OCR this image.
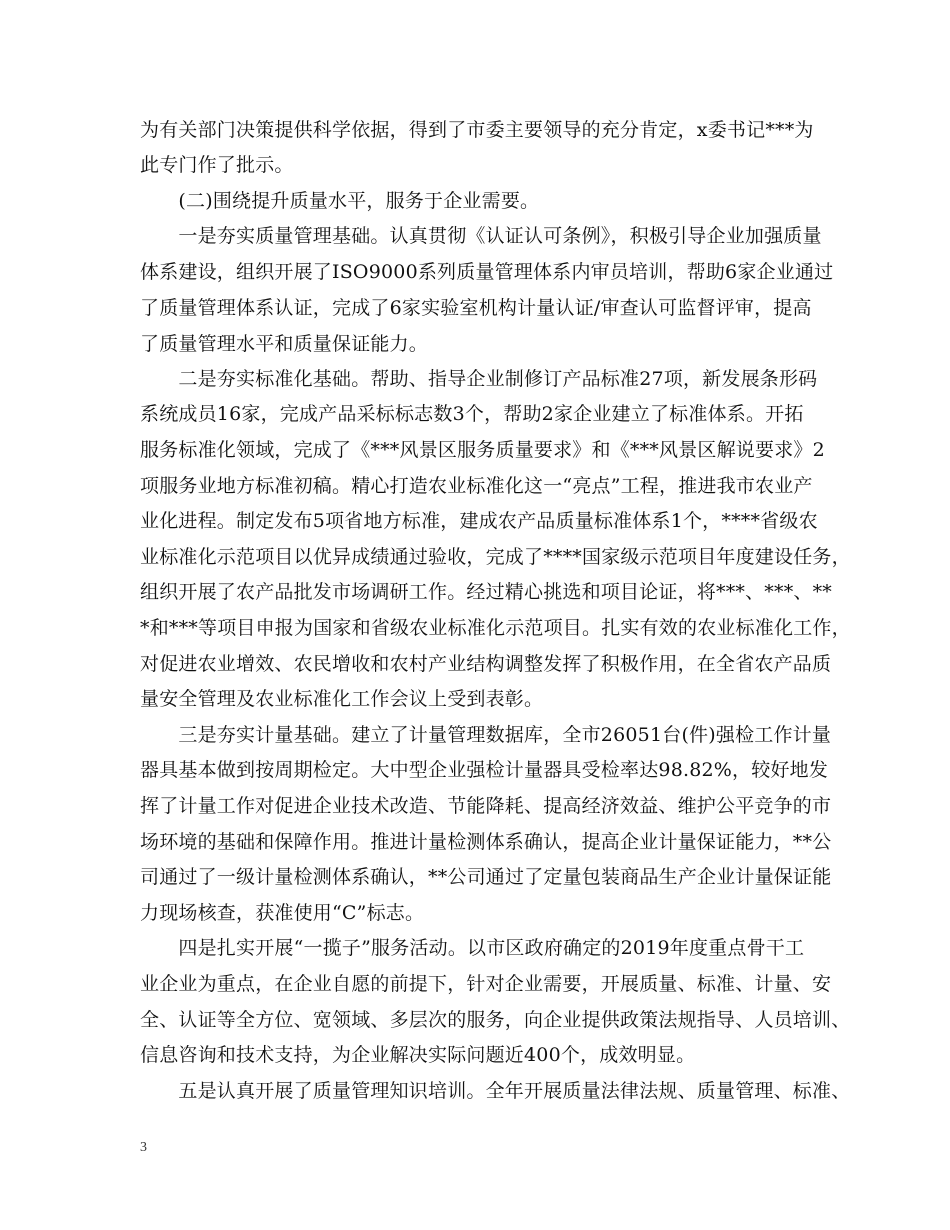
为有关部门决策提供科学依据，得到了市委主要领导的充分肯定，x委书记***为
此专门作了批示。
　　(二)围绕提升质量水平，服务于企业需要。
　　一是夯实质量管理基础。认真贯彻《认证认可条例》，积极引导企业加强质量
体系建设，组织开展了ISO9000系列质量管理体系内审员培训，帮助6家企业通过
了质量管理体系认证，完成了6家实验室机构计量认证/审查认可监督评审，提高
了质量管理水平和质量保证能力。
　　二是夯实标准化基础。帮助、指导企业制修订产品标准27项，新发展条形码
系统成员16家，完成产品采标标志数3个，帮助2家企业建立了标准体系。开拓
服务标准化领域，完成了《***风景区服务质量要求》和《***风景区解说要求》2
项服务业地方标准初稿。精心打造农业标准化这一“亮点”工程，推进我市农业产
业化进程。制定发布5项省地方标准，建成农产品质量标准体系1个，****省级农
业标准化示范项目以优异成绩通过验收，完成了****国家级示范项目年度建设任务，
组织开展了农产品批发市场调研工作。经过精心挑选和项目论证，将***、***、**
*和***等项目申报为国家和省级农业标准化示范项目。扎实有效的农业标准化工作，
对促进农业增效、农民增收和农村产业结构调整发挥了积极作用，在全省农产品质
量安全管理及农业标准化工作会议上受到表彰。
　　三是夯实计量基础。建立了计量管理数据库，全市26051台(件)强检工作计量
器具基本做到按周期检定。大中型企业强检计量器具受检率达98.82%，较好地发
挥了计量工作对促进企业技术改造、节能降耗、提高经济效益、维护公平竞争的市
场环境的基础和保障作用。推进计量检测体系确认，提高企业计量保证能力，**公
司通过了一级计量检测体系确认，**公司通过了定量包装商品生产企业计量保证能
力现场核查，获准使用“C”标志。
　　四是扎实开展“一揽子”服务活动。以市区政府确定的2019年度重点骨干工
业企业为重点，在企业自愿的前提下，针对企业需要，开展质量、标准、计量、安
全、认证等全方位、宽领域、多层次的服务，向企业提供政策法规指导、人员培训、
信息咨询和技术支持，为企业解决实际问题近400个，成效明显。
　　五是认真开展了质量管理知识培训。全年开展质量法律法规、质量管理、标准、
3
